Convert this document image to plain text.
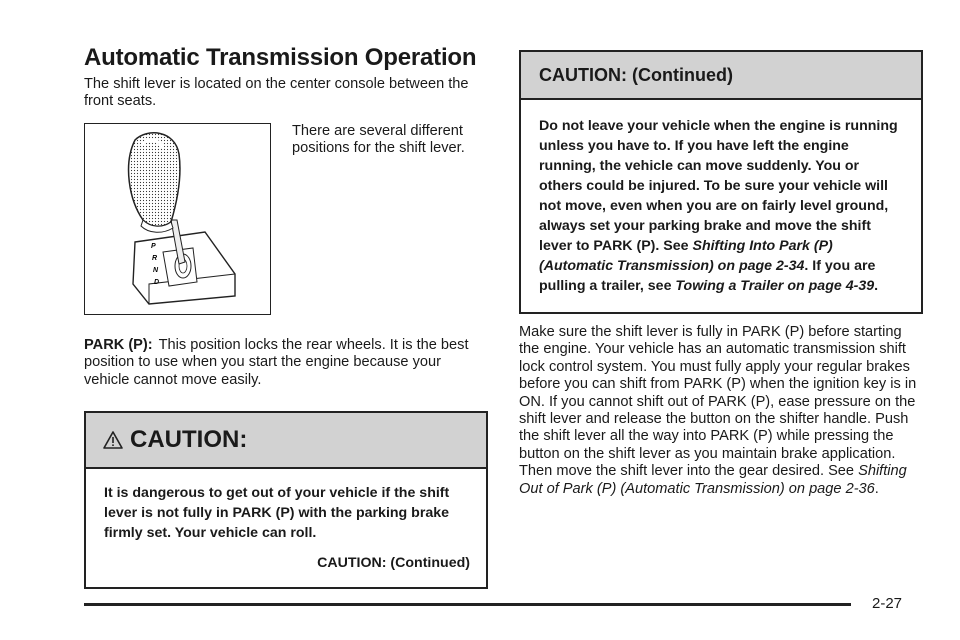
Automatic Transmission Operation

The shift lever is located on the center console between the front seats.

P
R
N
D

There are several different positions for the shift lever.

PARK (P): This position locks the rear wheels. It is the best position to use when you start the engine because your vehicle cannot move easily.

CAUTION:

It is dangerous to get out of your vehicle if the shift lever is not fully in PARK (P) with the parking brake firmly set. Your vehicle can roll.

CAUTION: (Continued)

CAUTION: (Continued)
Do not leave your vehicle when the engine is running unless you have to. If you have left the engine running, the vehicle can move suddenly. You or others could be injured. To be sure your vehicle will not move, even when you are on fairly level ground, always set your parking brake and move the shift lever to PARK (P). See Shifting Into Park (P) (Automatic Transmission) on page 2-34. If you are pulling a trailer, see Towing a Trailer on page 4-39.

Make sure the shift lever is fully in PARK (P) before starting the engine. Your vehicle has an automatic transmission shift lock control system. You must fully apply your regular brakes before you can shift from PARK (P) when the ignition key is in ON. If you cannot shift out of PARK (P), ease pressure on the shift lever and release the button on the shifter handle. Push the shift lever all the way into PARK (P) while pressing the button on the shift lever as you maintain brake application. Then move the shift lever into the gear desired. See Shifting Out of Park (P) (Automatic Transmission) on page 2-36.

2-27
